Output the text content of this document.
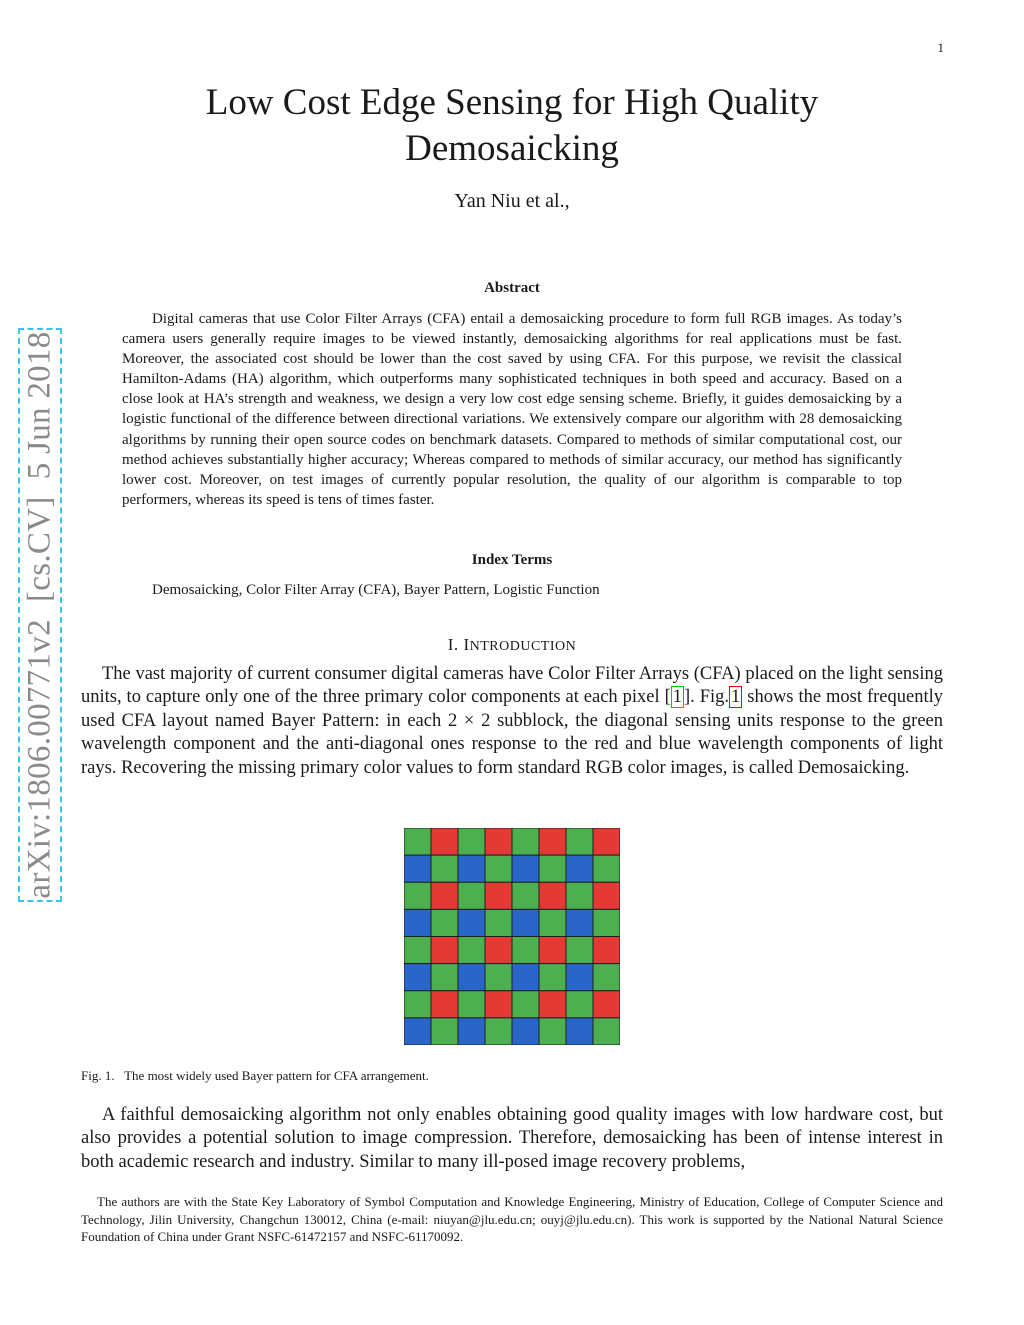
1
Low Cost Edge Sensing for High Quality
Demosaicking
Yan Niu et al.,
Abstract
Digital cameras that use Color Filter Arrays (CFA) entail a demosaicking procedure to form full RGB images. As today’s camera users generally require images to be viewed instantly, demosaicking algorithms for real applications must be fast. Moreover, the associated cost should be lower than the cost saved by using CFA. For this purpose, we revisit the classical Hamilton-Adams (HA) algorithm, which outperforms many sophisticated techniques in both speed and accuracy. Based on a close look at HA’s strength and weakness, we design a very low cost edge sensing scheme. Briefly, it guides demosaicking by a logistic functional of the difference between directional variations. We extensively compare our algorithm with 28 demosaicking algorithms by running their open source codes on benchmark datasets. Compared to methods of similar computational cost, our method achieves substantially higher accuracy; Whereas compared to methods of similar accuracy, our method has significantly lower cost. Moreover, on test images of currently popular resolution, the quality of our algorithm is comparable to top performers, whereas its speed is tens of times faster.
Index Terms
Demosaicking, Color Filter Array (CFA), Bayer Pattern, Logistic Function
I. INTRODUCTION
The vast majority of current consumer digital cameras have Color Filter Arrays (CFA) placed on the light sensing units, to capture only one of the three primary color components at each pixel [ 1 ]. Fig. 1 shows the most frequently used CFA layout named Bayer Pattern: in each 2 × 2 subblock, the diagonal sensing units response to the green wavelength component and the anti-diagonal ones response to the red and blue wavelength components of light rays. Recovering the missing primary color values to form standard RGB color images, is called Demosaicking.
Fig. 1.   The most widely used Bayer pattern for CFA arrangement.
A faithful demosaicking algorithm not only enables obtaining good quality images with low hardware cost, but also provides a potential solution to image compression. Therefore, demosaicking has been of intense interest in both academic research and industry. Similar to many ill-posed image recovery problems,
The authors are with the State Key Laboratory of Symbol Computation and Knowledge Engineering, Ministry of Education, College of Computer Science and Technology, Jilin University, Changchun 130012, China (e-mail: niuyan@jlu.edu.cn; ouyj@jlu.edu.cn). This work is supported by the National Natural Science Foundation of China under Grant NSFC-61472157 and NSFC-61170092.
arXiv:1806.00771v2  [cs.CV]  5 Jun 2018
